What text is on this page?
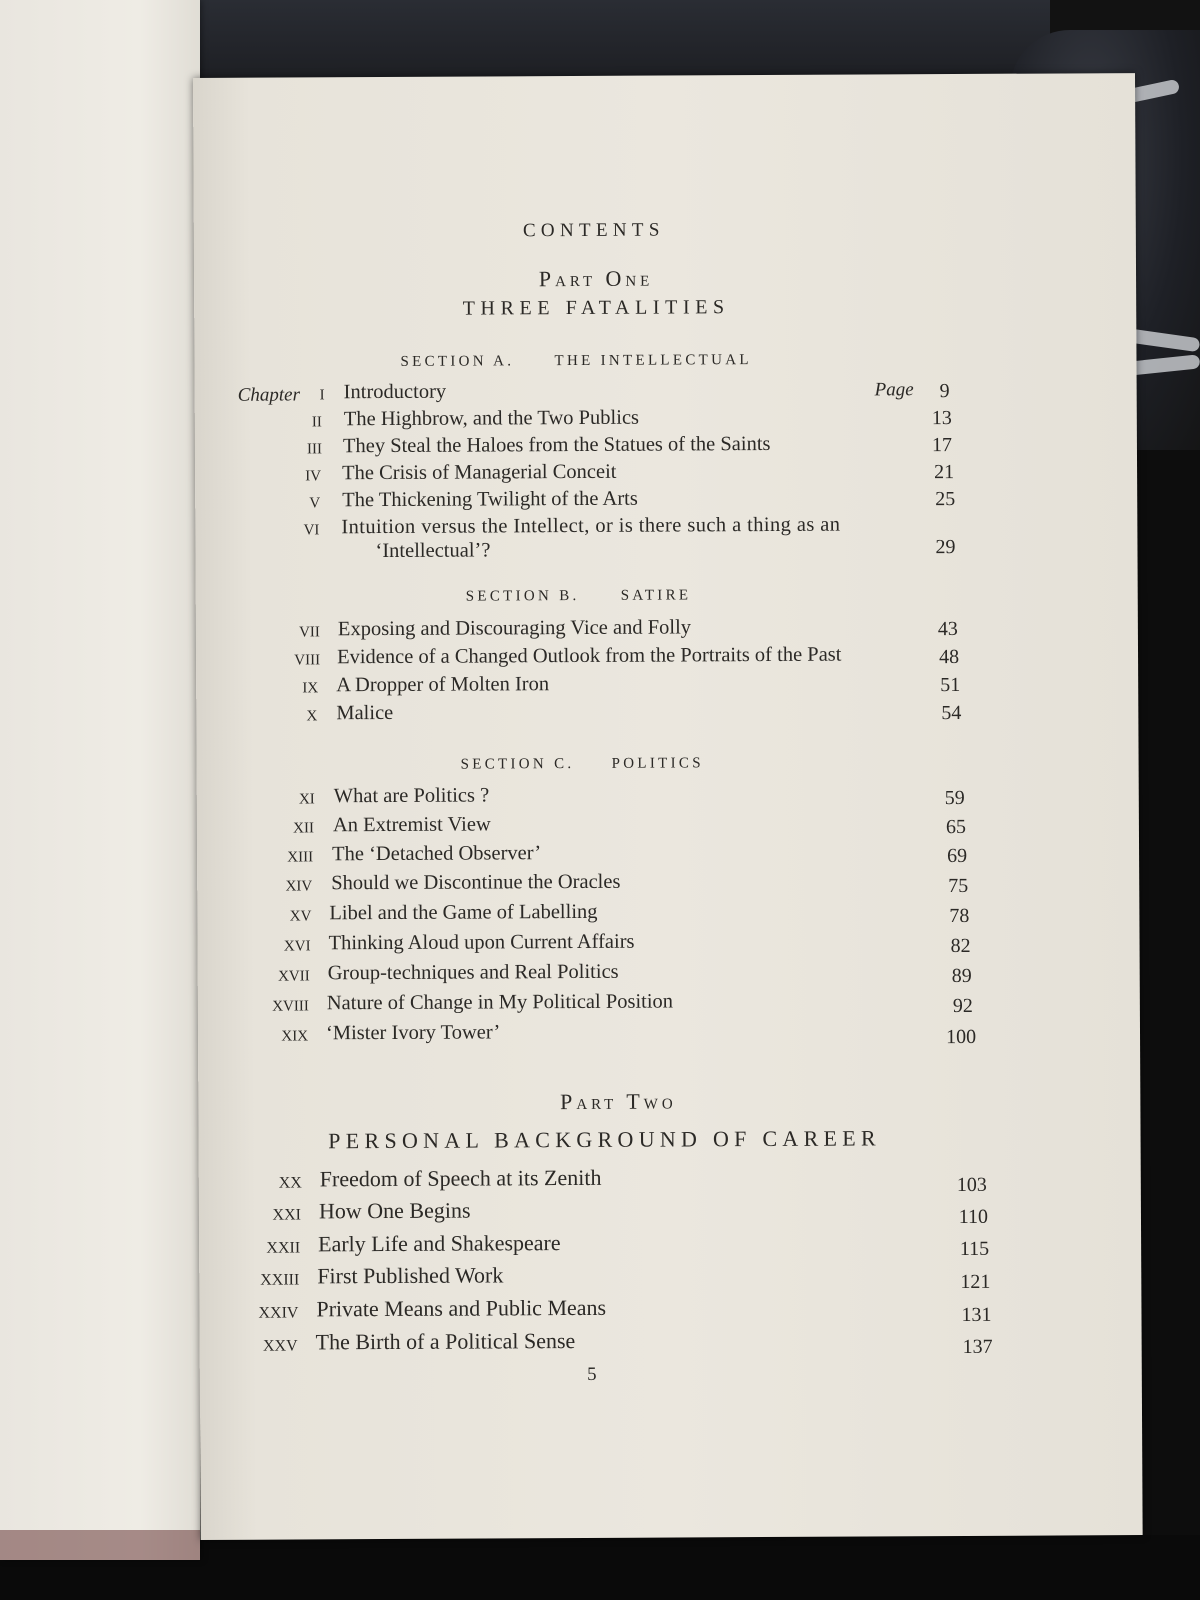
CONTENTS
Part One
THREE FATALITIES
SECTION A.	THE INTELLECTUAL
Chapter	Page
I Introductory	9
II The Highbrow, and the Two Publics	13
III They Steal the Haloes from the Statues of the Saints	17
IV The Crisis of Managerial Conceit	21
V The Thickening Twilight of the Arts	25
VI Intuition versus the Intellect, or is there such a thing as an
‘Intellectual’?	29
SECTION B.	SATIRE
VII Exposing and Discouraging Vice and Folly	43
VIII Evidence of a Changed Outlook from the Portraits of the Past	48
IX A Dropper of Molten Iron	51
X Malice	54
SECTION C. POLITICS
XI What are Politics ?	59
XII An Extremist View	65
XIII The ‘Detached Observer’	69
XIV Should we Discontinue the Oracles	75
XV Libel and the Game of Labelling	78
XVI Thinking Aloud upon Current Affairs	82
XVII Group-techniques and Real Politics	89
XVIII Nature of Change in My Political Position	92
XIX ‘Mister Ivory Tower’	100
Part Two
PERSONAL BACKGROUND OF CAREER
XX Freedom of Speech at its Zenith	103
XXI How One Begins	110
XXII Early Life and Shakespeare	115
XXIII First Published Work	121
XXIV Private Means and Public Means	131
XXV The Birth of a Political Sense	137
5
